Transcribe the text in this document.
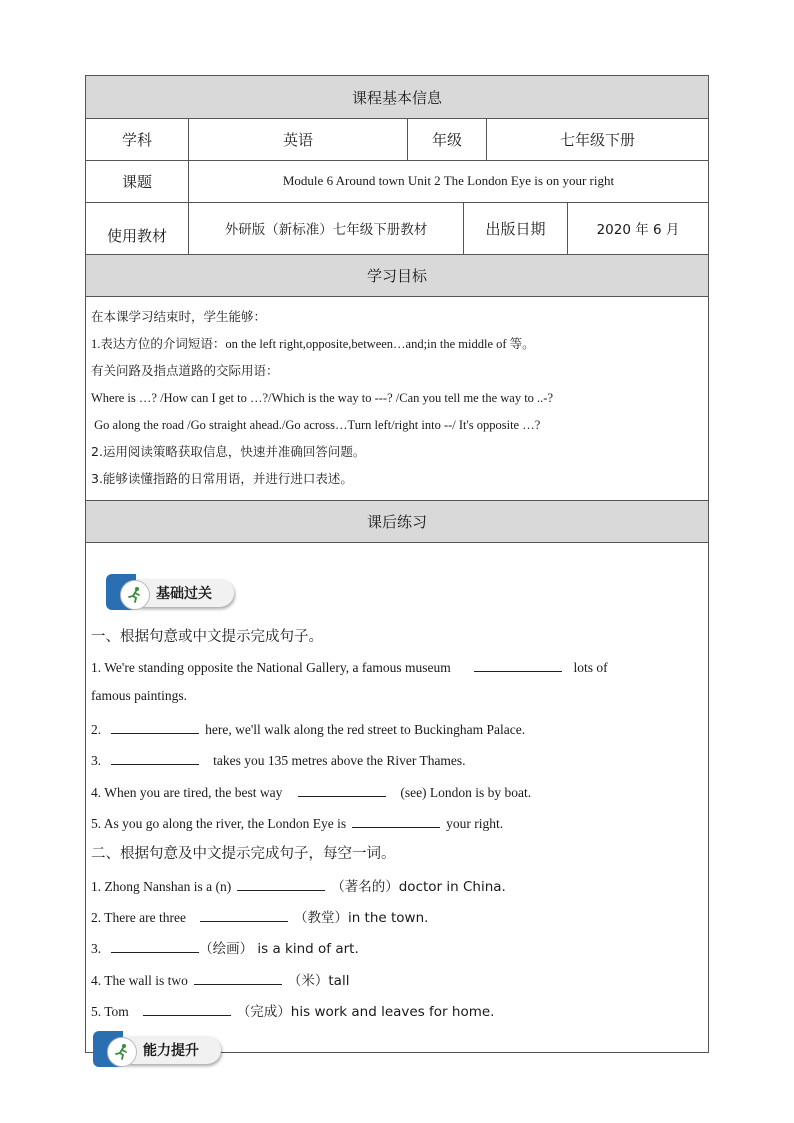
课程基本信息
学科	英语	年级	七年级下册
课题	Module 6 Around town Unit 2 The London Eye is on your right
使用教材	外研版（新标准）七年级下册教材	出版日期	2020 年 6 月
学习目标
课后练习
在本课学习结束时，学生能够：
1.表达方位的介词短语：on the left right,opposite,between…and;in the middle of 等。
有关问路及指点道路的交际用语：
Where is …? /How can I get to …?/Which is the way to ---? /Can you tell me the way to ..-?
Go along the road /Go straight ahead./Go across…Turn left/right into --/ It's opposite …?
2.运用阅读策略获取信息，快速并准确回答问题。
3.能够读懂指路的日常用语，并进行进口表述。
基础过关
一、根据句意或中文提示完成句子。
1. We're standing opposite the National Gallery, a famous museum	lots of
famous paintings.
2.	here, we'll walk along the red street to Buckingham Palace.
3.	takes you 135 metres above the River Thames.
4. When you are tired, the best way	(see) London is by boat.
5. As you go along the river, the London Eye is	your right.
二、根据句意及中文提示完成句子，每空一词。
1. Zhong Nanshan is a (n)	（著名的）doctor in China.
2. There are three	（教堂）in the town.
3.	（绘画） is a kind of art.
4. The wall is two	（米）tall
5. Tom	（完成）his work and leaves for home.
能力提升
